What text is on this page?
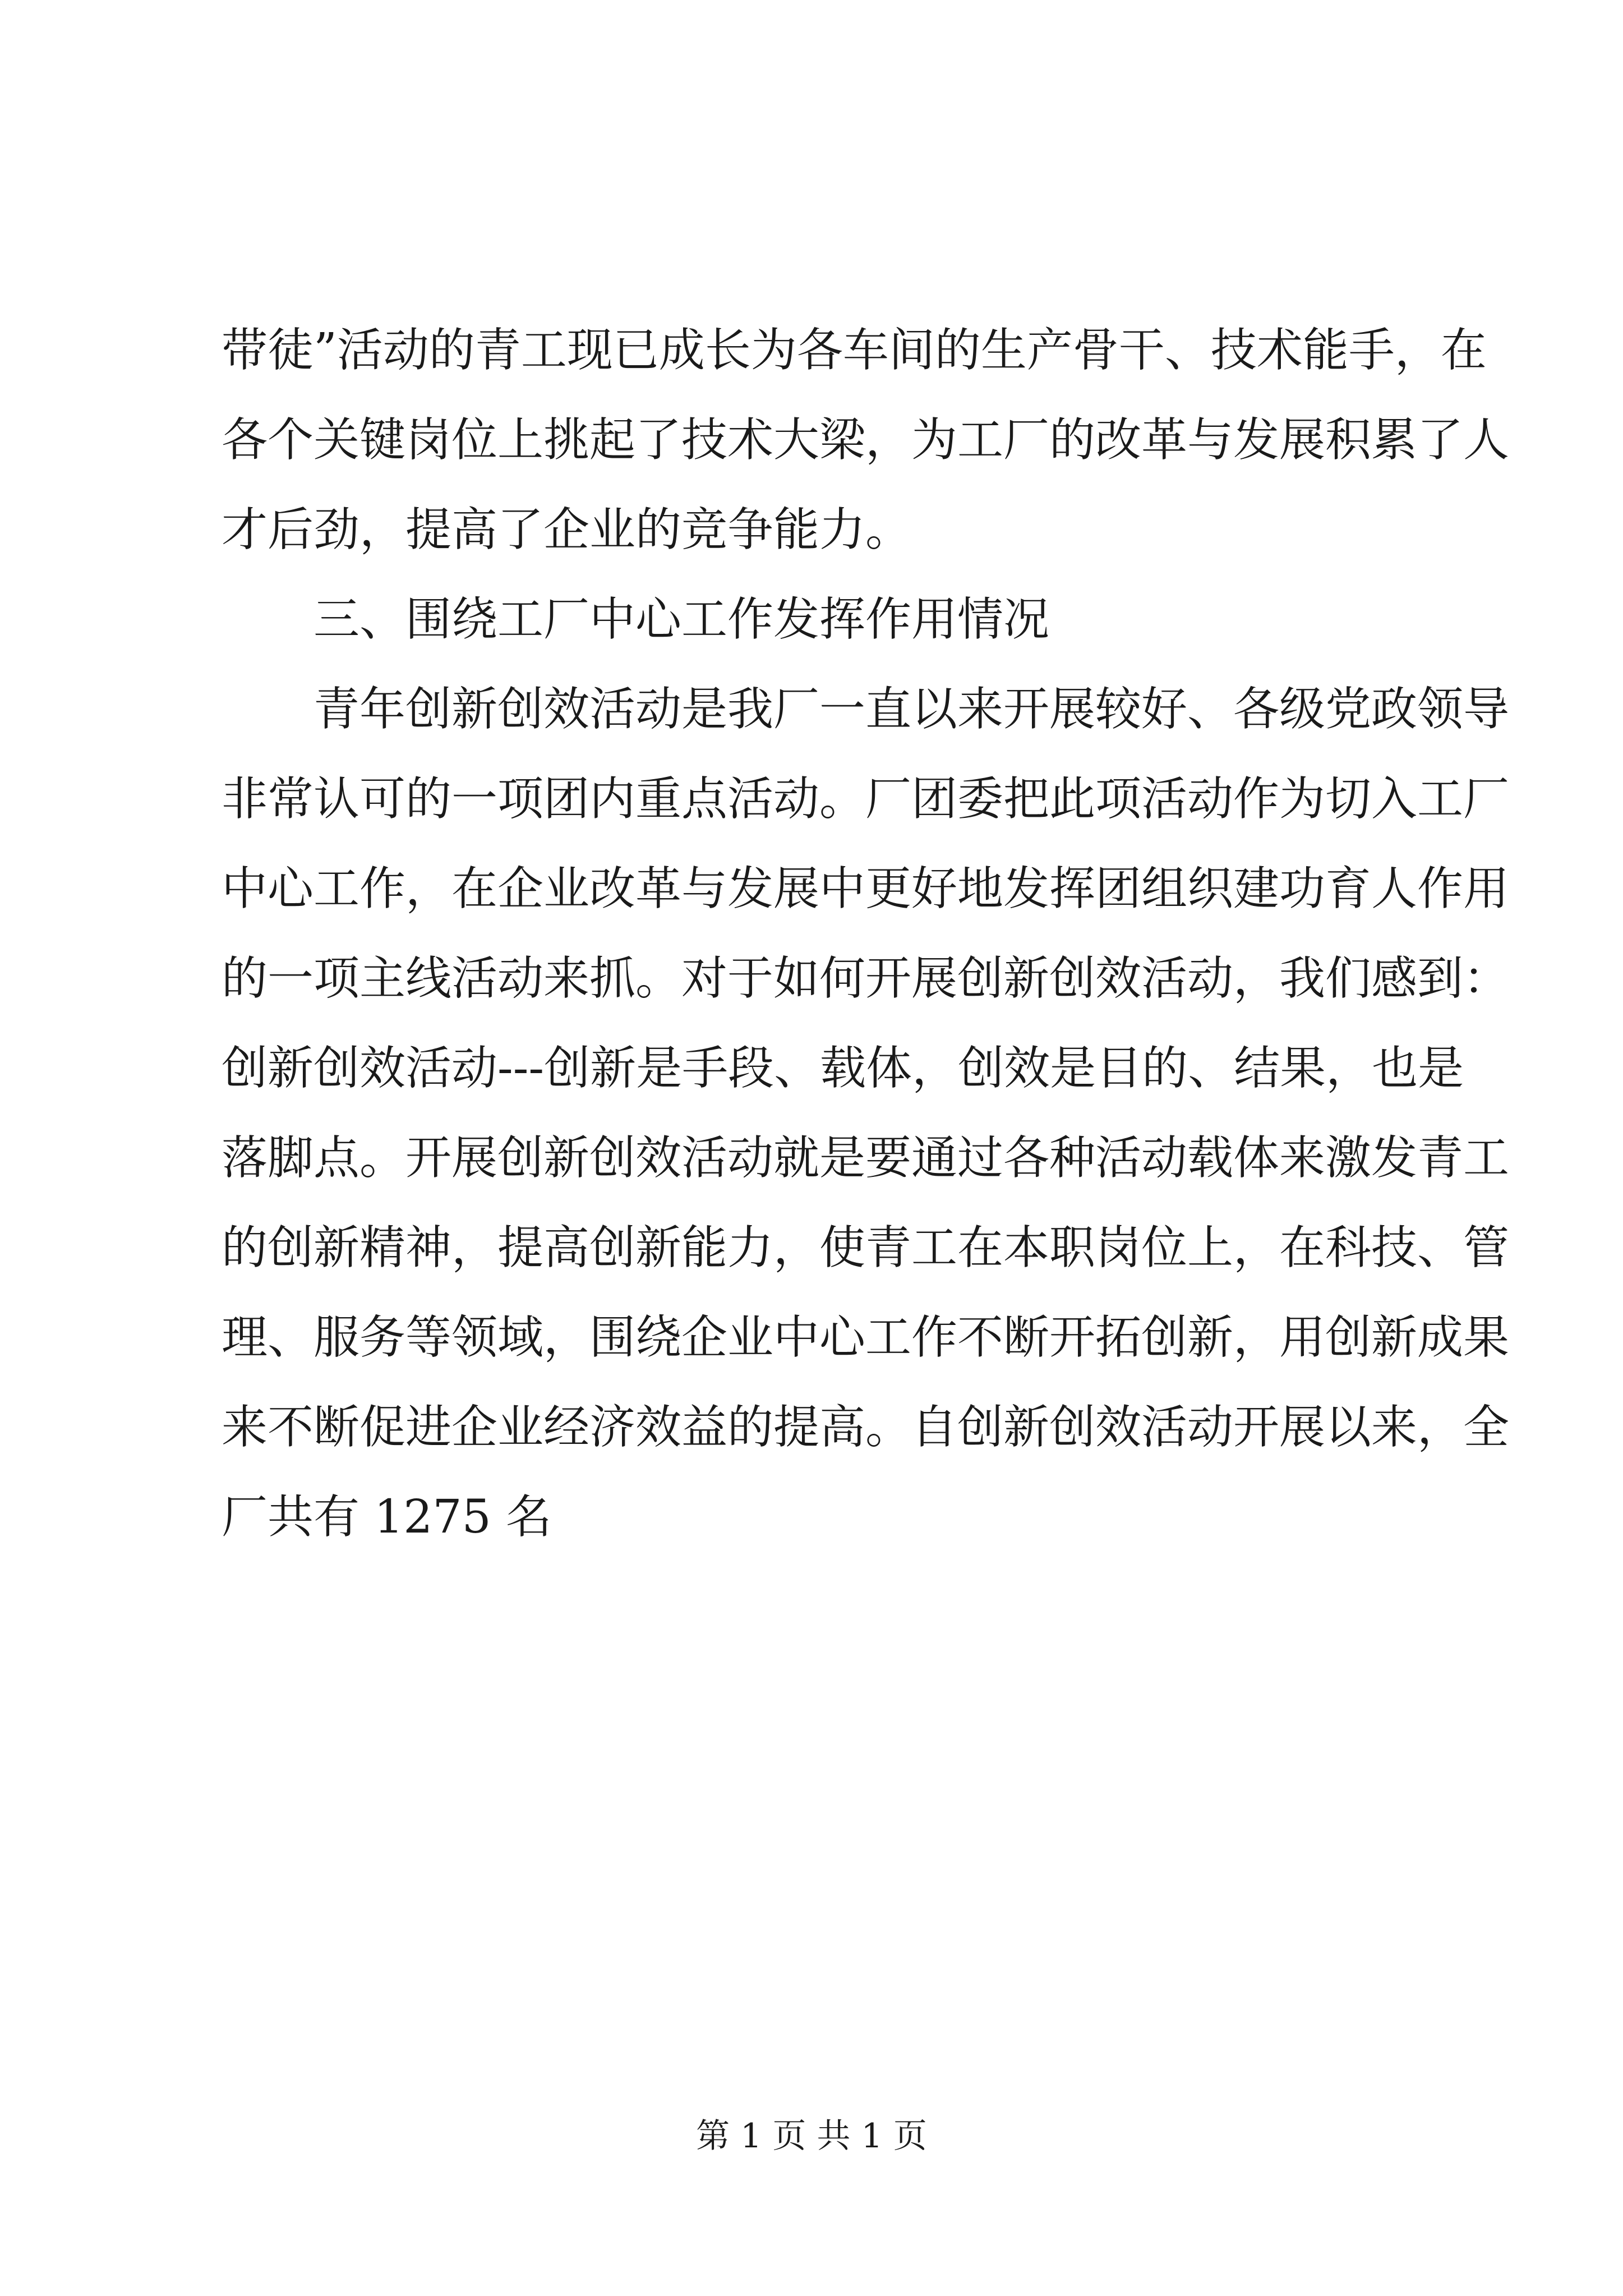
带徒”活动的青工现已成长为各车间的生产骨干、技术能手，在
各个关键岗位上挑起了技术大梁，为工厂的改革与发展积累了人
才后劲，提高了企业的竞争能力。
三、围绕工厂中心工作发挥作用情况
青年创新创效活动是我厂一直以来开展较好、各级党政领导
非常认可的一项团内重点活动。厂团委把此项活动作为切入工厂
中心工作，在企业改革与发展中更好地发挥团组织建功育人作用
的一项主线活动来抓。对于如何开展创新创效活动，我们感到：
创新创效活动---创新是手段、载体，创效是目的、结果，也是
落脚点。开展创新创效活动就是要通过各种活动载体来激发青工
的创新精神，提高创新能力，使青工在本职岗位上，在科技、管
理、服务等领域，围绕企业中心工作不断开拓创新，用创新成果
来不断促进企业经济效益的提高。自创新创效活动开展以来，全
厂共有 1275 名
第 1 页 共 1 页
